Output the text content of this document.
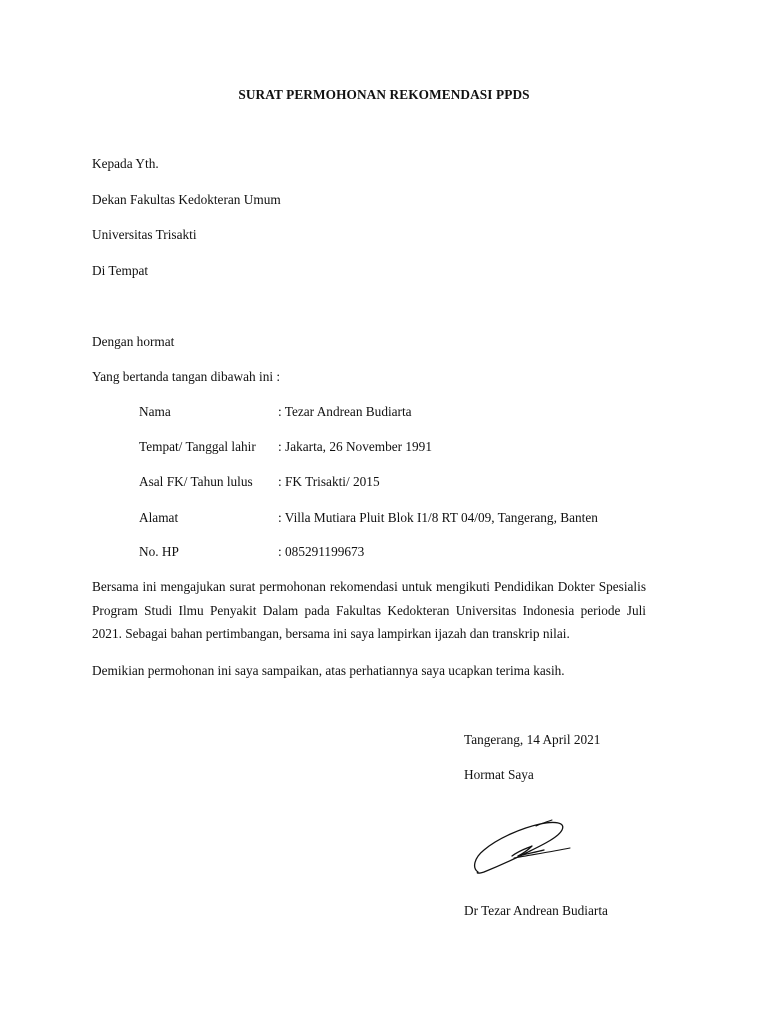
SURAT PERMOHONAN REKOMENDASI PPDS
Kepada Yth.
Dekan Fakultas Kedokteran Umum
Universitas Trisakti
Di Tempat
Dengan hormat
Yang bertanda tangan dibawah ini :
Nama	: Tezar Andrean Budiarta
Tempat/ Tanggal lahir : Jakarta, 26 November 1991
Asal FK/ Tahun lulus : FK Trisakti/ 2015
Alamat	: Villa Mutiara Pluit Blok I1/8 RT 04/09, Tangerang, Banten
No. HP	: 085291199673
Bersama ini mengajukan surat permohonan rekomendasi untuk mengikuti Pendidikan Dokter Spesialis Program Studi Ilmu Penyakit Dalam pada Fakultas Kedokteran Universitas Indonesia periode Juli 2021. Sebagai bahan pertimbangan, bersama ini saya lampirkan ijazah dan transkrip nilai.
Demikian permohonan ini saya sampaikan, atas perhatiannya saya ucapkan terima kasih.
Tangerang, 14 April 2021
Hormat Saya
Dr Tezar Andrean Budiarta
